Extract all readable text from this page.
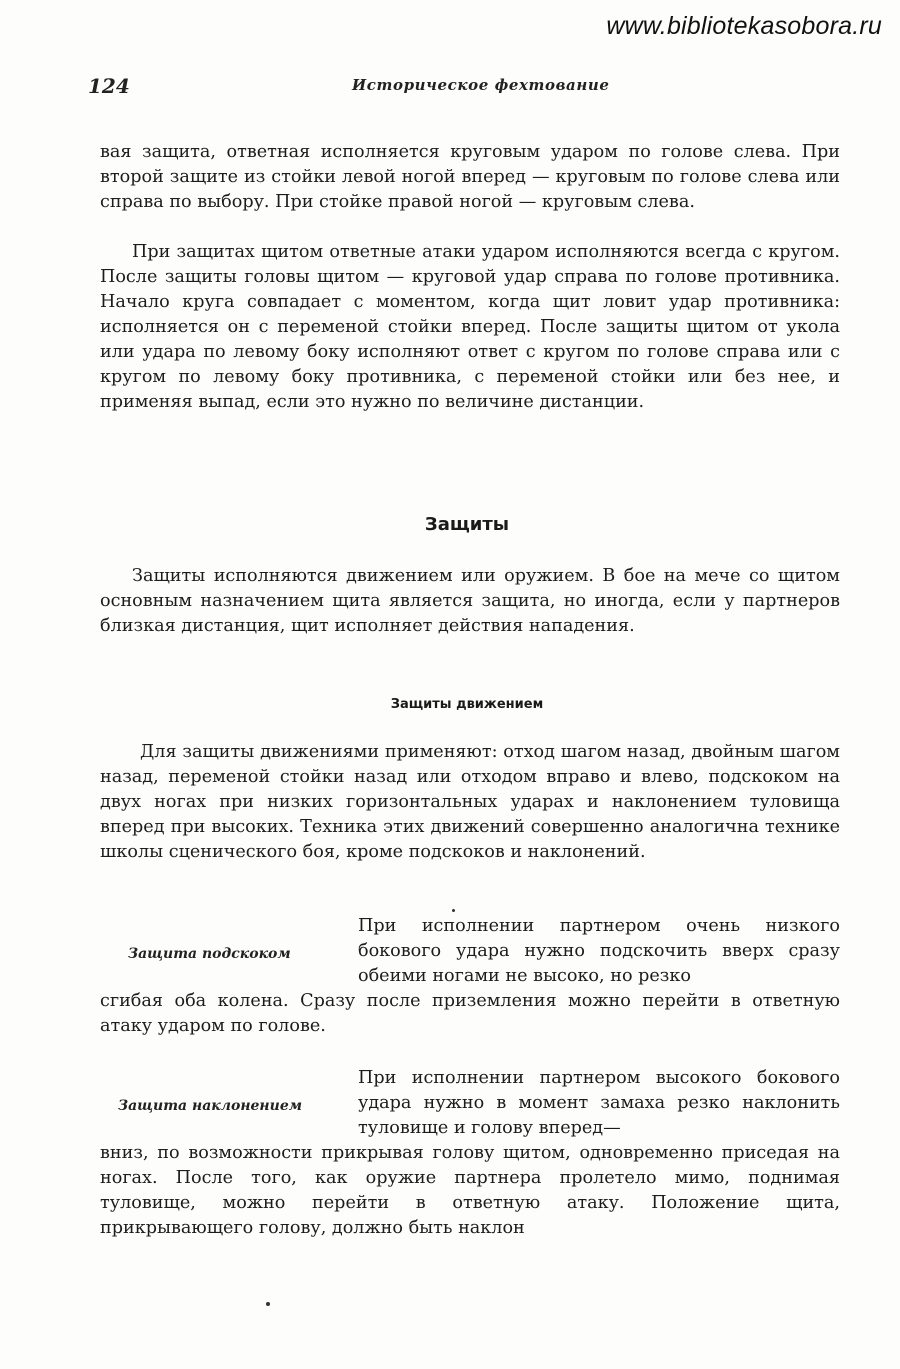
www.bibliotekasobora.ru
124	Историческое фехтование
вая защита, ответная исполняется круговым ударом по голове слева. При второй защите из стойки левой ногой вперед — круговым по голове слева или справа по выбору. При стойке правой ногой — круговым слева.
При защитах щитом ответные атаки ударом исполняются всегда с кругом. После защиты головы щитом — круговой удар справа по голове противника. Начало круга совпадает с моментом, когда щит ловит удар противника: исполняется он с переменой стойки вперед. После защиты щитом от укола или удара по левому боку исполняют ответ с кругом по голове справа или с кругом по левому боку противника, с переменой стойки или без нее, и применяя выпад, если это нужно по величине дистанции.
Защиты
Защиты исполняются движением или оружием. В бое на мече со щитом основным назначением щита является защита, но иногда, если у партнеров близкая дистанция, щит исполняет действия нападения.
Защиты движением
Для защиты движениями применяют: отход шагом назад, двойным шагом назад, переменой стойки назад или отходом вправо и влево, подскоком на двух ногах при низких горизонтальных ударах и наклонением туловища вперед при высоких. Техника этих движений совершенно аналогична технике школы сценического боя, кроме подскоков и наклонений.
Защита подскоком
При исполнении партнером очень низкого бокового удара нужно подскочить вверх сразу обеими ногами не высоко, но резко
сгибая оба колена. Сразу после приземления можно перейти в ответную атаку ударом по голове.
Защита наклонением
При исполнении партнером высокого бокового удара нужно в момент замаха резко наклонить туловище и голову вперед—
вниз, по возможности прикрывая голову щитом, одновременно приседая на ногах. После того, как оружие партнера пролетело мимо, поднимая туловище, можно перейти в ответную атаку. Положение щита, прикрывающего голову, должно быть наклон
